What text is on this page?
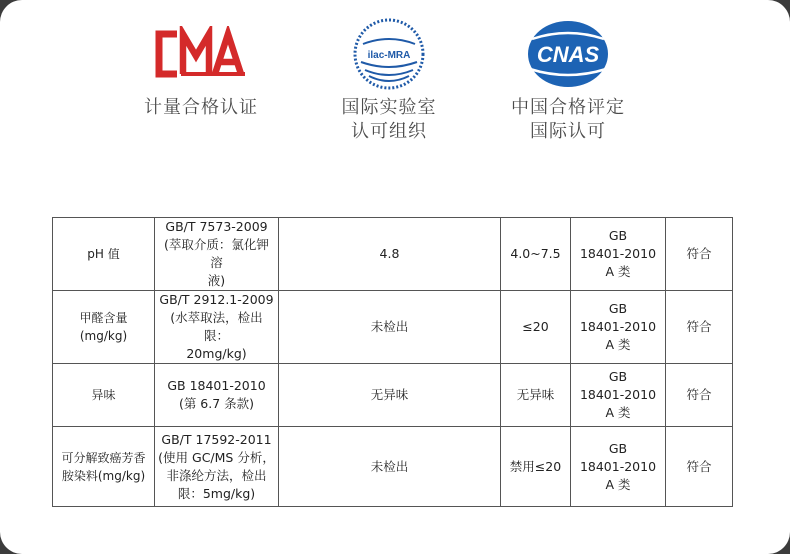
计量合格认证
ilac-MRA
国际实验室
认可组织
CNAS
中国合格评定
国际认可
pH 值	GB/T 7573-2009
(萃取介质：氯化钾溶
液)	4.8	4.0~7.5	GB
18401-2010
A 类	符合
甲醛含量
(mg/kg)	GB/T 2912.1-2009
(水萃取法，检出限：
20mg/kg)	未检出	≤20	GB
18401-2010
A 类	符合
异味	GB 18401-2010
(第 6.7 条款)	无异味	无异味	GB
18401-2010
A 类	符合
可分解致癌芳香
胺染料(mg/kg)	GB/T 17592-2011
(使用 GC/MS 分析，
非涤纶方法，检出
限：5mg/kg)	未检出	禁用≤20	GB
18401-2010
A 类	符合
